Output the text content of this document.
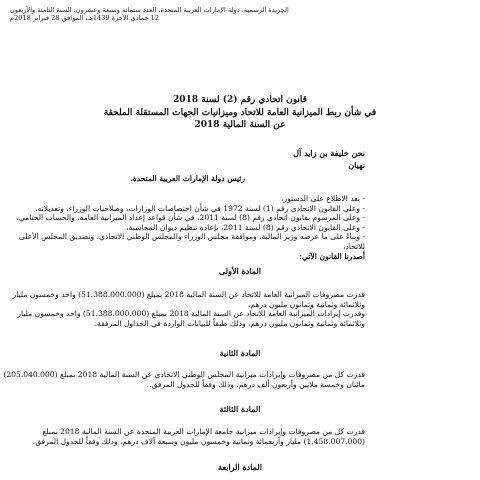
الجريدة الرسمية، دولة الإمارات العربية المتحدة، العدد ستمائة وسبعة وعشرون، السنة الثامنة والأربعون
12 جمادى الآخرة 1439هـ، الموافق 28 فبراير 2018م
قانون اتحادي رقم (2) لسنة 2018
في شأن ربط الميزانية العامة للاتحاد وميزانيات الجهات المستقلة الملحقة
عن السنة المالية 2018
نحن خليفة بن زايد آل
نهيان
رئيس دولة الإمارات العربية المتحدة،
- بعد الاطلاع على الدستور،
- وعلى القانون الاتحادي رقم (1) لسنة 1972 في شأن اختصاصات الوزارات، وصلاحيات الوزراء، وتعديلاته،
- وعلى المرسوم بقانون اتحادي رقم (8) لسنة 2011، في شأن قواعد إعداد الميزانية العامة، والحساب الختامي،
- وعلى القانون الاتحادي رقم (8) لسنة 2011، بإعادة تنظيم ديوان المحاسبة،
- وبناءً على ما عرضه وزير المالية، وموافقة مجلس الوزراء والمجلس الوطني الاتحادي، وتصديق المجلس الأعلى
للاتحاد،
أصدرنا القانون الآتي:
المادة الأولى
قدرت مصروفات الميزانية العامة للاتحاد عن السنة المالية 2018 بمبلغ (51.388.000.000) واحد وخمسون مليار
وثلاثمائة وثمانية وثمانون مليون درهم،
وقدرت إيرادات الميزانية العامة للاتحاد عن السنة المالية 2018 بمبلغ (51.388.000.000) واحد وخمسون مليار
وثلاثمائة وثمانية وثمانون مليون درهم، وذلك طبقاً للبيانات الواردة في الجداول المرفقة.
المادة الثانية
قدرت كل من مصروفات وإيرادات ميزانية المجلس الوطني الاتحادي عن السنة المالية 2018 بمبلغ (205.040.000)
مائتان وخمسة ملايين وأربعون ألف درهم، وذلك وفقاً للجدول المرفق.
المادة الثالثة
قدرت كل من مصروفات وإيرادات ميزانية جامعة الإمارات العربية المتحدة عن السنة المالية 2018 بمبلغ
(1.458.007.000) مليار وأربعمائة وثمانية وخمسون مليون وسبعة آلاف درهم، وذلك وفقاً للجدول المرفق.
المادة الرابعة
